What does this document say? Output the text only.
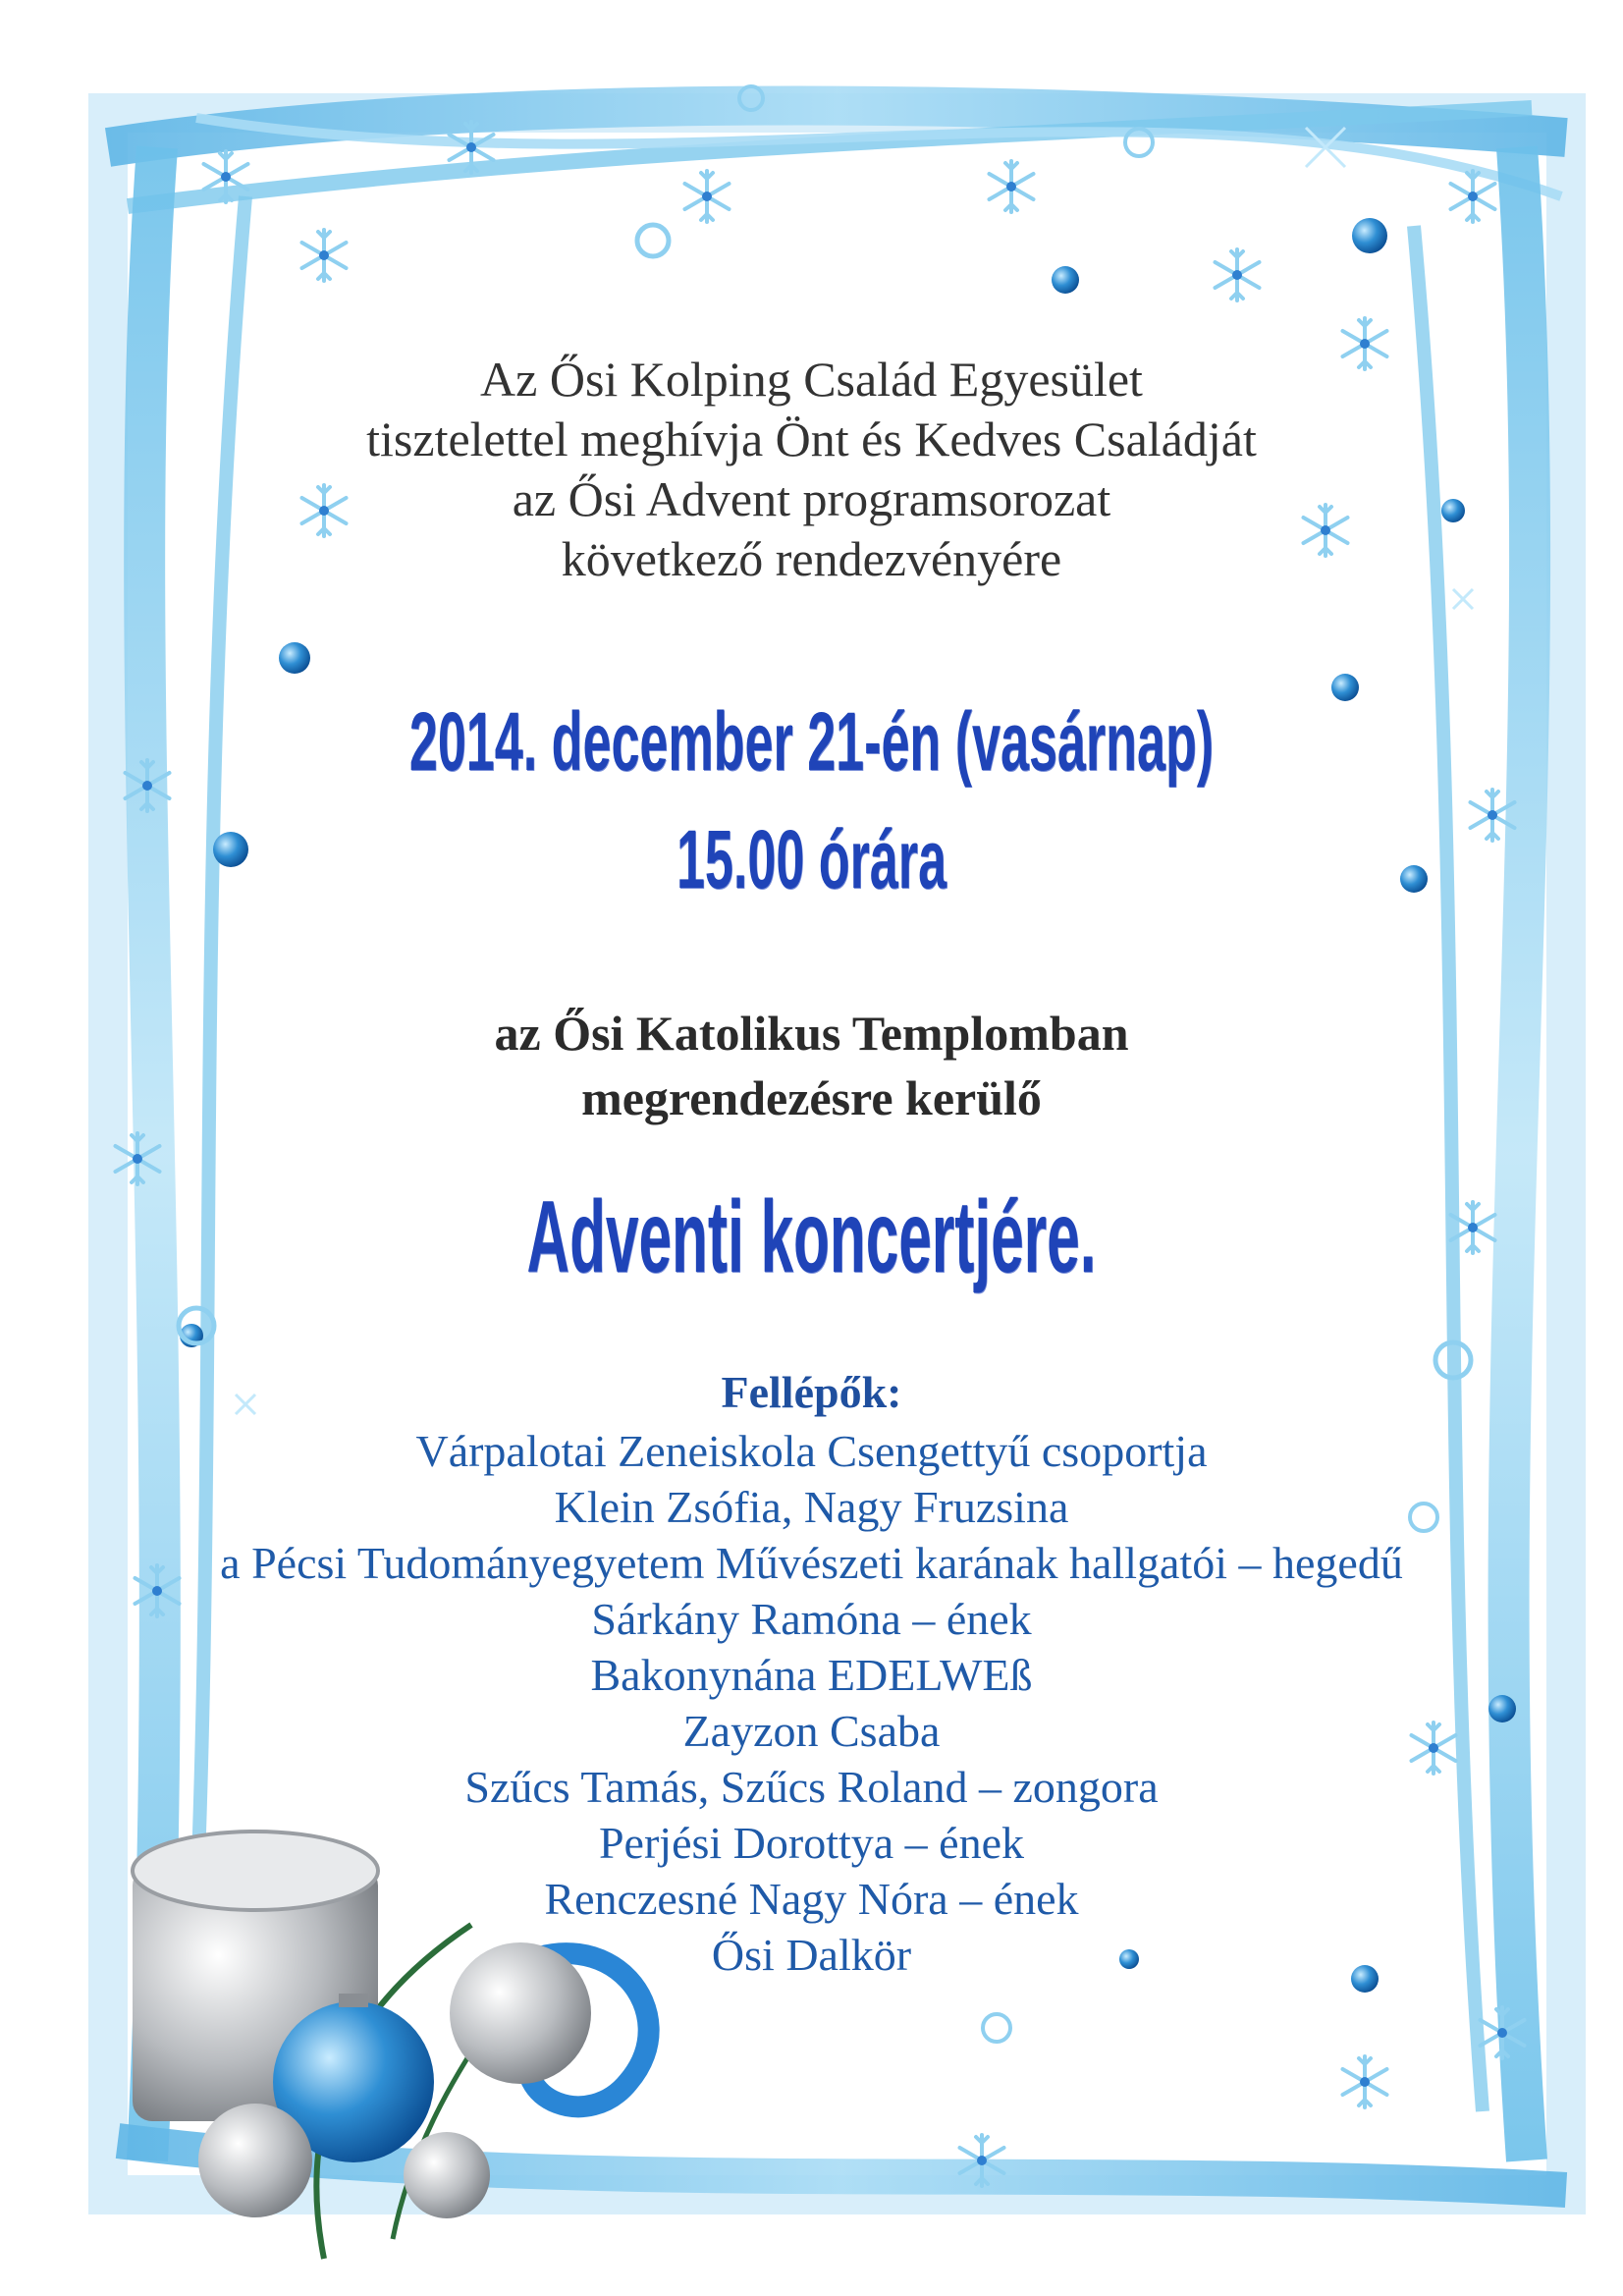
Az Ősi Kolping Család Egyesület
tisztelettel meghívja Önt és Kedves Családját
az Ősi Advent programsorozat
következő rendezvényére
2014. december 21-én (vasárnap)
15.00 órára
az Ősi Katolikus Templomban
megrendezésre kerülő
Adventi koncertjére.
Fellépők:
Várpalotai Zeneiskola Csengettyű csoportja
Klein Zsófia, Nagy Fruzsina
a Pécsi Tudományegyetem Művészeti karának hallgatói – hegedű
Sárkány Ramóna – ének
Bakonynána EDELWEß
Zayzon Csaba
Szűcs Tamás, Szűcs Roland – zongora
Perjési Dorottya – ének
Renczesné Nagy Nóra – ének
Ősi Dalkör
